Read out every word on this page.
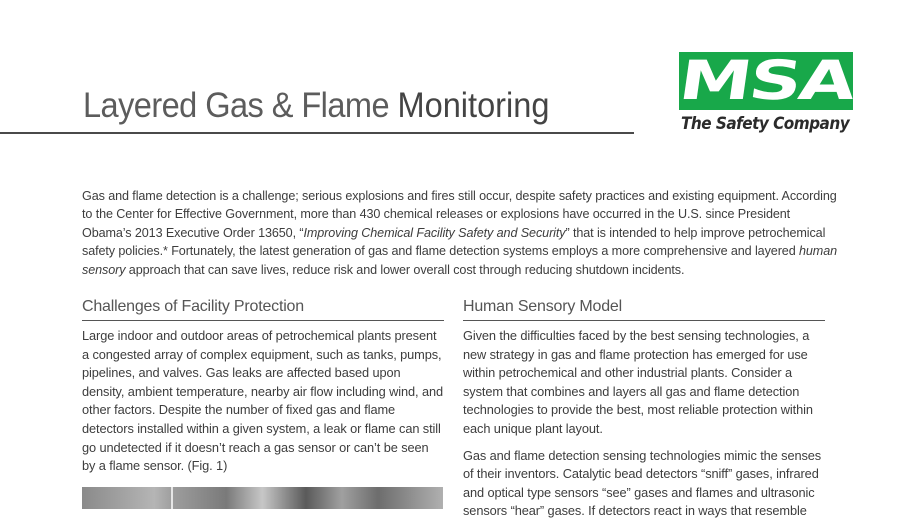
Layered Gas & Flame Monitoring MSA
The Safety Company

Gas and flame detection is a challenge; serious explosions and fires still occur, despite safety practices and existing equipment. According to the Center for Effective Government, more than 430 chemical releases or explosions have occurred in the U.S. since President Obama’s 2013 Executive Order 13650, “Improving Chemical Facility Safety and Security” that is intended to help improve petrochemical safety policies.* Fortunately, the latest generation of gas and flame detection systems employs a more comprehensive and layered human sensory approach that can save lives, reduce risk and lower overall cost through reducing shutdown incidents.

Challenges of Facility Protection

Large indoor and outdoor areas of petrochemical plants present a congested array of complex equipment, such as tanks, pumps, pipelines, and valves. Gas leaks are affected based upon density, ambient temperature, nearby air flow including wind, and other factors. Despite the number of fixed gas and flame detectors installed within a given system, a leak or flame can still go undetected if it doesn’t reach a gas sensor or can’t be seen by a flame sensor. (Fig. 1)

Human Sensory Model

Given the difficulties faced by the best sensing technologies, a new strategy in gas and flame protection has emerged for use within petrochemical and other industrial plants. Consider a system that combines and layers all gas and flame detection technologies to provide the best, most reliable protection within each unique plant layout.

Gas and flame detection sensing technologies mimic the senses of their inventors. Catalytic bead detectors “sniff” gases, infrared and optical type sensors “see” gases and flames and ultrasonic sensors “hear” gases. If detectors react in ways that resemble
